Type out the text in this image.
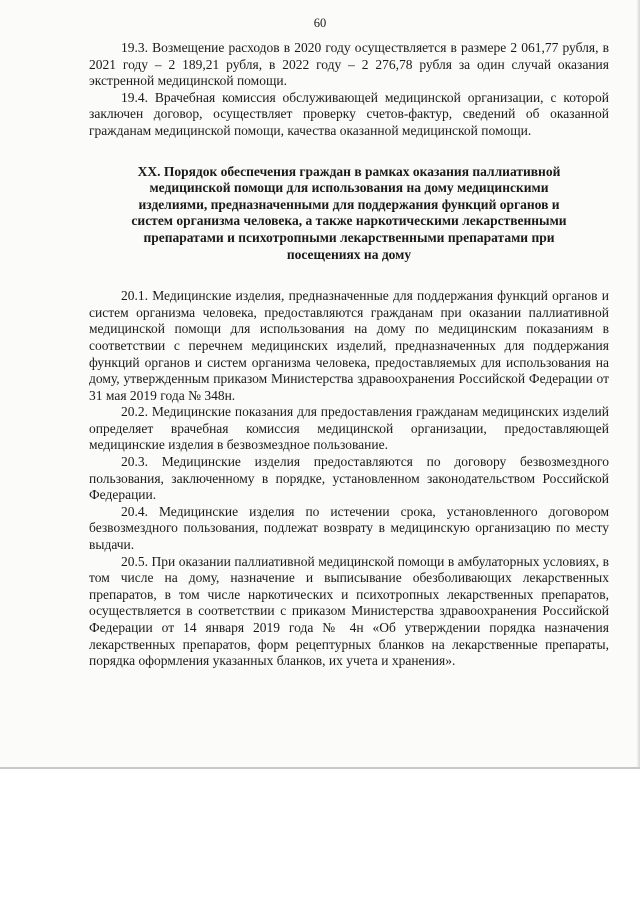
60

19.3. Возмещение расходов в 2020 году осуществляется в размере 2 061,77 рубля, в 2021 году – 2 189,21 рубля, в 2022 году – 2 276,78 рубля за один случай оказания экстренной медицинской помощи.

19.4. Врачебная комиссия обслуживающей медицинской организации, с которой заключен договор, осуществляет проверку счетов-фактур, сведений об оказанной гражданам медицинской помощи, качества оказанной медицинской помощи.

XX. Порядок обеспечения граждан в рамках оказания паллиативной медицинской помощи для использования на дому медицинскими изделиями, предназначенными для поддержания функций органов и систем организма человека, а также наркотическими лекарственными препаратами и психотропными лекарственными препаратами при посещениях на дому

20.1. Медицинские изделия, предназначенные для поддержания функций органов и систем организма человека, предоставляются гражданам при оказании паллиативной медицинской помощи для использования на дому по медицинским показаниям в соответствии с перечнем медицинских изделий, предназначенных для поддержания функций органов и систем организма человека, предоставляемых для использования на дому, утвержденным приказом Министерства здравоохранения Российской Федерации от 31 мая 2019 года № 348н.

20.2. Медицинские показания для предоставления гражданам медицинских изделий определяет врачебная комиссия медицинской организации, предоставляющей медицинские изделия в безвозмездное пользование.

20.3. Медицинские изделия предоставляются по договору безвозмездного пользования, заключенному в порядке, установленном законодательством Российской Федерации.

20.4. Медицинские изделия по истечении срока, установленного договором безвозмездного пользования, подлежат возврату в медицинскую организацию по месту выдачи.

20.5. При оказании паллиативной медицинской помощи в амбулаторных условиях, в том числе на дому, назначение и выписывание обезболивающих лекарственных препаратов, в том числе наркотических и психотропных лекарственных препаратов, осуществляется в соответствии с приказом Министерства здравоохранения Российской Федерации от 14 января 2019 года № 4н «Об утверждении порядка назначения лекарственных препаратов, форм рецептурных бланков на лекарственные препараты, порядка оформления указанных бланков, их учета и хранения».
